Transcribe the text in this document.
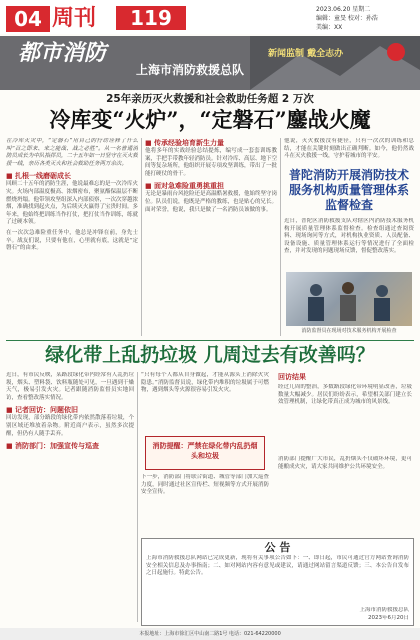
04 周刊	119	2023.06.20 星期二
编辑：童旻 校对：孙浩
美编：XX
都市消防
上海市消防救援总队
新闻监制 戴全志办
25年亲历灭火救援和社会救助任务超 2 万次
冷库变“火炉”，“定磐石”鏖战火魔

在冷库火灾中，“定磐石”用自己的行动诠释了什么叫“召之即来、来之能战、战之必胜”。从一名普通消防员成长为中队指挥员，二十五年如一日坚守在灭火救援一线，亲历各类灭火和社会救助任务两万余次。

■ 扎根一线磨砺成长

回顾二十五年的消防生涯，他说最难忘的是一次冷库火灾。火场内部温度极高、浓烟密布，聚氨酯保温层不断燃烧坍塌。他带领攻坚组深入内部侦察，一次次穿越浓烟，准确找到起火点，为后续灭火赢得了宝贵时间。多年来，他始终把训练当作打仗，把打仗当作训练，练就了过硬本领。

在一次次急难险重任务中，他总是冲锋在前，身先士卒。战友们说，只要有他在，心里就有底，这就是“定磐石”的由来。

■ 传承经验培育新生力量

他将多年的实战经验总结提炼，编写成一套套训练教案，手把手带教年轻消防员。针对冷库、高层、地下空间等复杂场所，他组织开展专项攻坚训练，带出了一批能打硬仗的骨干。

■ 面对急难险重勇挑重担

无论是暴雨台风抢险还是高温酷暑救援，他始终坚守岗位。队员们说，他既是严格的教练，也是贴心的兄长。面对荣誉，他说，我只是做了一名消防员该做的事。

他说，灭火救援没有捷径，只有一次次的训练和总结，才能在关键时刻做出正确判断。如今，他仍然战斗在灭火救援一线，守护着城市的平安。
普陀消防开展消防技术服务机构质量管理体系监督检查
近日，普陀区消防救援支队对辖区内消防技术服务机构开展质量管理体系监督检查。检查组通过查阅资料、现场询问等方式，对机构执业资质、人员配备、设备设施、质量管理体系运行等情况进行了全面检查，并对发现的问题现场反馈，督促整改落实。
消防监督员在现场对技术服务机构开展检查
绿化带上乱扔垃圾 几周过去有改善吗？

近日，有市民反映，某路段绿化带内经常有人乱扔垃圾，烟头、塑料袋、饮料瓶随处可见，一旦遇到干燥天气，极易引发火灾。记者跟随消防监督员实地回访，查看整改落实情况。

■ 记者回访：问题依旧

回访发现，部分路段的绿化带内依然散落着垃圾，个别区域还堆放着杂物。附近商户表示，虽然多次提醒，但仍有人随手丢弃。

■ 消防部门：加强宣传与巡查

“只有每个人都从自身做起，才能从源头上消除火灾隐患。”消防监督员说，绿化带内堆积的垃圾属于可燃物，遇到烟头等火源很容易引发火灾。
消防提醒：严禁在绿化带内乱扔烟头和垃圾
下一步，消防部门将联合街道、城管等部门加大巡查力度，同时通过社区宣传栏、短视频等方式开展消防安全宣传。
回访结果
经过几周的整治，多数路段绿化带环境明显改善，垃圾数量大幅减少。居民们纷纷表示，希望相关部门建立长效管理机制，让绿化带真正成为城市的风景线。
消防部门提醒广大市民，乱扔烟头不仅破坏环境，更可能酿成火灾，请大家共同维护公共环境安全。
公 告
上海市消防救援总队网站已完成更新，现将有关事项公告如下：一、即日起，市民可通过官方网站查询消防安全相关信息及办事指南；二、如对网站内容有意见或建议，请通过网站留言渠道反馈；三、本公告自发布之日起施行。特此公告。
上海市消防救援总队
2023年6月20日
本报地址：上海市徐汇区中山南二路1号 电话：021-64220000
